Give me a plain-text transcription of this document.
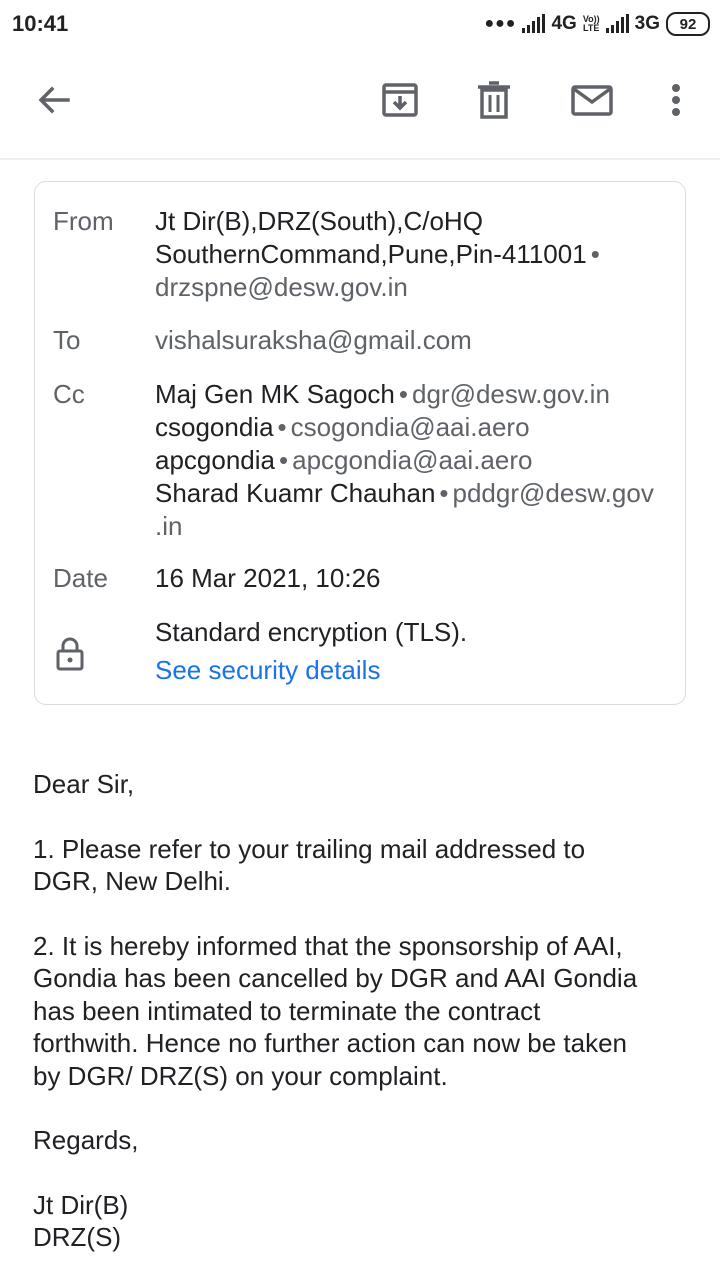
10:41	●●● 4G Vo))
LTE 3G	92
From Jt Dir(B),DRZ(South),C/oHQ
SouthernCommand,Pune,Pin-411001 •
drzspne@desw.gov.in
To	vishalsuraksha@gmail.com
Cc	Maj Gen MK Sagoch • dgr@desw.gov.in
csogondia • csogondia@aai.aero
apcgondia • apcgondia@aai.aero
Sharad Kuamr Chauhan • pddgr@desw.gov
.in
Date 16 Mar 2021, 10:26
Standard encryption (TLS).
See security details

Dear Sir,

1. Please refer to your trailing mail addressed to

DGR, New Delhi.

2. It is hereby informed that the sponsorship of AAI,

Gondia has been cancelled by DGR and AAI Gondia

has been intimated to terminate the contract

forthwith. Hence no further action can now be taken

by DGR/ DRZ(S) on your complaint.

Regards,

Jt Dir(B)

DRZ(S)
